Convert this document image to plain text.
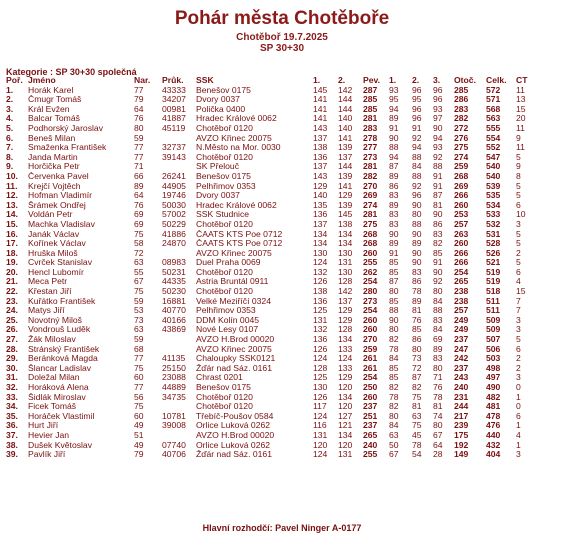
Pohár města Chotěboře
Chotěboř 19.7.2025
SP 30+30
Kategorie : SP 30+30 společná
Poř.	Jméno	Nar.	Průk.	SSK	1.	2.	Pev.	1.	2.	3.	Otoč.	Celk.	CT
1.	Horák Karel	77	43333	Benešov 0175	145	142	287	93	96	96	285	572	11
2.	Čmugr Tomáš	79	34207	Dvory 0037	141	144	285	95	95	96	286	571	13
3.	Král Evžen	64	00981	Polička 0400	141	144	285	94	96	93	283	568	15
4.	Balcar Tomáš	76	41887	Hradec Králové 0062	141	140	281	89	96	97	282	563	20
5.	Podhorský Jaroslav	80	45119	Chotěboř 0120	143	140	283	91	91	90	272	555	11
6.	Beneš Milan	59		AVZO Křinec 20075	137	141	278	90	92	94	276	554	9
7.	Smaženka František	77	32737	N.Město na Mor. 0030	138	139	277	88	94	93	275	552	11
8.	Janda Martin	77	39143	Chotěboř 0120	136	137	273	94	88	92	274	547	5
9.	Horčička Petr	71		SK Přelouč	137	144	281	87	84	88	259	540	9
10.	Červenka Pavel	66	26241	Benešov 0175	143	139	282	89	88	91	268	540	8
11.	Krejčí Vojtěch	89	44905	Pelhřimov 0353	129	141	270	86	92	91	269	539	5
12.	Hofman Vladimír	64	19746	Dvory 0037	140	129	269	83	96	87	266	535	5
13.	Šrámek Ondřej	76	50030	Hradec Králové 0062	135	139	274	89	90	81	260	534	6
14.	Voldán Petr	69	57002	SSK Studnice	136	145	281	83	80	90	253	533	10
15.	Machka Vladislav	69	50229	Chotěboř 0120	137	138	275	83	88	86	257	532	3
16.	Janák Václav	75	41886	ČAATS KTS Poe 0712	134	134	268	90	90	83	263	531	5
17.	Kořínek Václav	58	24870	ČAATS KTS Poe 0712	134	134	268	89	89	82	260	528	5
18.	Hruška Miloš	72		AVZO Křinec 20075	130	130	260	91	90	85	266	526	2
19.	Cvrček Stanislav	63	08983	Duel Praha 0069	124	131	255	85	90	91	266	521	5
20.	Hencl Lubomír	55	50231	Chotěboř 0120	132	130	262	85	83	90	254	519	6
21.	Meca Petr	67	44335	Astria Bruntál 0911	126	128	254	87	86	92	265	519	4
22.	Křestan Jiří	75	50230	Chotěboř 0120	138	142	280	80	78	80	238	518	15
23.	Kuřátko František	59	16881	Velké Meziříčí 0324	136	137	273	85	89	84	238	511	7
24.	Matys Jiří	53	40770	Pelhřimov 0353	125	129	254	88	81	88	257	511	7
25.	Novotný Miloš	73	40166	DDM Kolín 0045	131	129	260	90	76	83	249	509	3
26.	Vondrouš Luděk	63	43869	Nové Lesy 0107	132	128	260	80	85	84	249	509	3
27.	Žák Miloslav	59		AVZO H.Brod 00020	136	134	270	82	86	69	237	507	5
28.	Stránský František	68		AVZO Křinec 20075	126	133	259	78	80	89	247	506	6
29.	Beránková Magda	77	41135	Chaloupky SSK0121	124	124	261	84	73	83	242	503	2
30.	Šlancar Ladislav	75	25150	Žďár nad Sáz. 0161	128	133	261	85	72	80	237	498	2
31.	Doležal Milan	60	23088	Chrast 0201	125	129	254	85	87	71	243	497	3
32.	Horáková Alena	77	44889	Benešov 0175	130	120	250	82	82	76	240	490	0
33.	Šidlák Miroslav	56	34735	Chotěboř 0120	126	134	260	78	75	78	231	482	1
34.	Ficek Tomáš	75		Chotěboř 0120	117	120	237	82	81	81	244	481	0
35.	Horáček Vlastimil	60	10781	Třebíč-Poušov 0584	124	127	251	80	63	74	217	478	6
36.	Hurt Jiří	49	39008	Orlice Luková 0262	116	121	237	84	75	80	239	476	1
37.	Hevier Jan	51		AVZO H.Brod 00020	131	134	265	63	45	67	175	440	4
38.	Dušek Květoslav	49	07740	Orlice Luková 0262	120	120	240	50	78	64	192	432	1
39.	Pavlík Jiří	79	40706	Žďár nad Sáz. 0161	124	131	255	67	54	28	149	404	3
Hlavní rozhodčí: Pavel Ninger A-0177
